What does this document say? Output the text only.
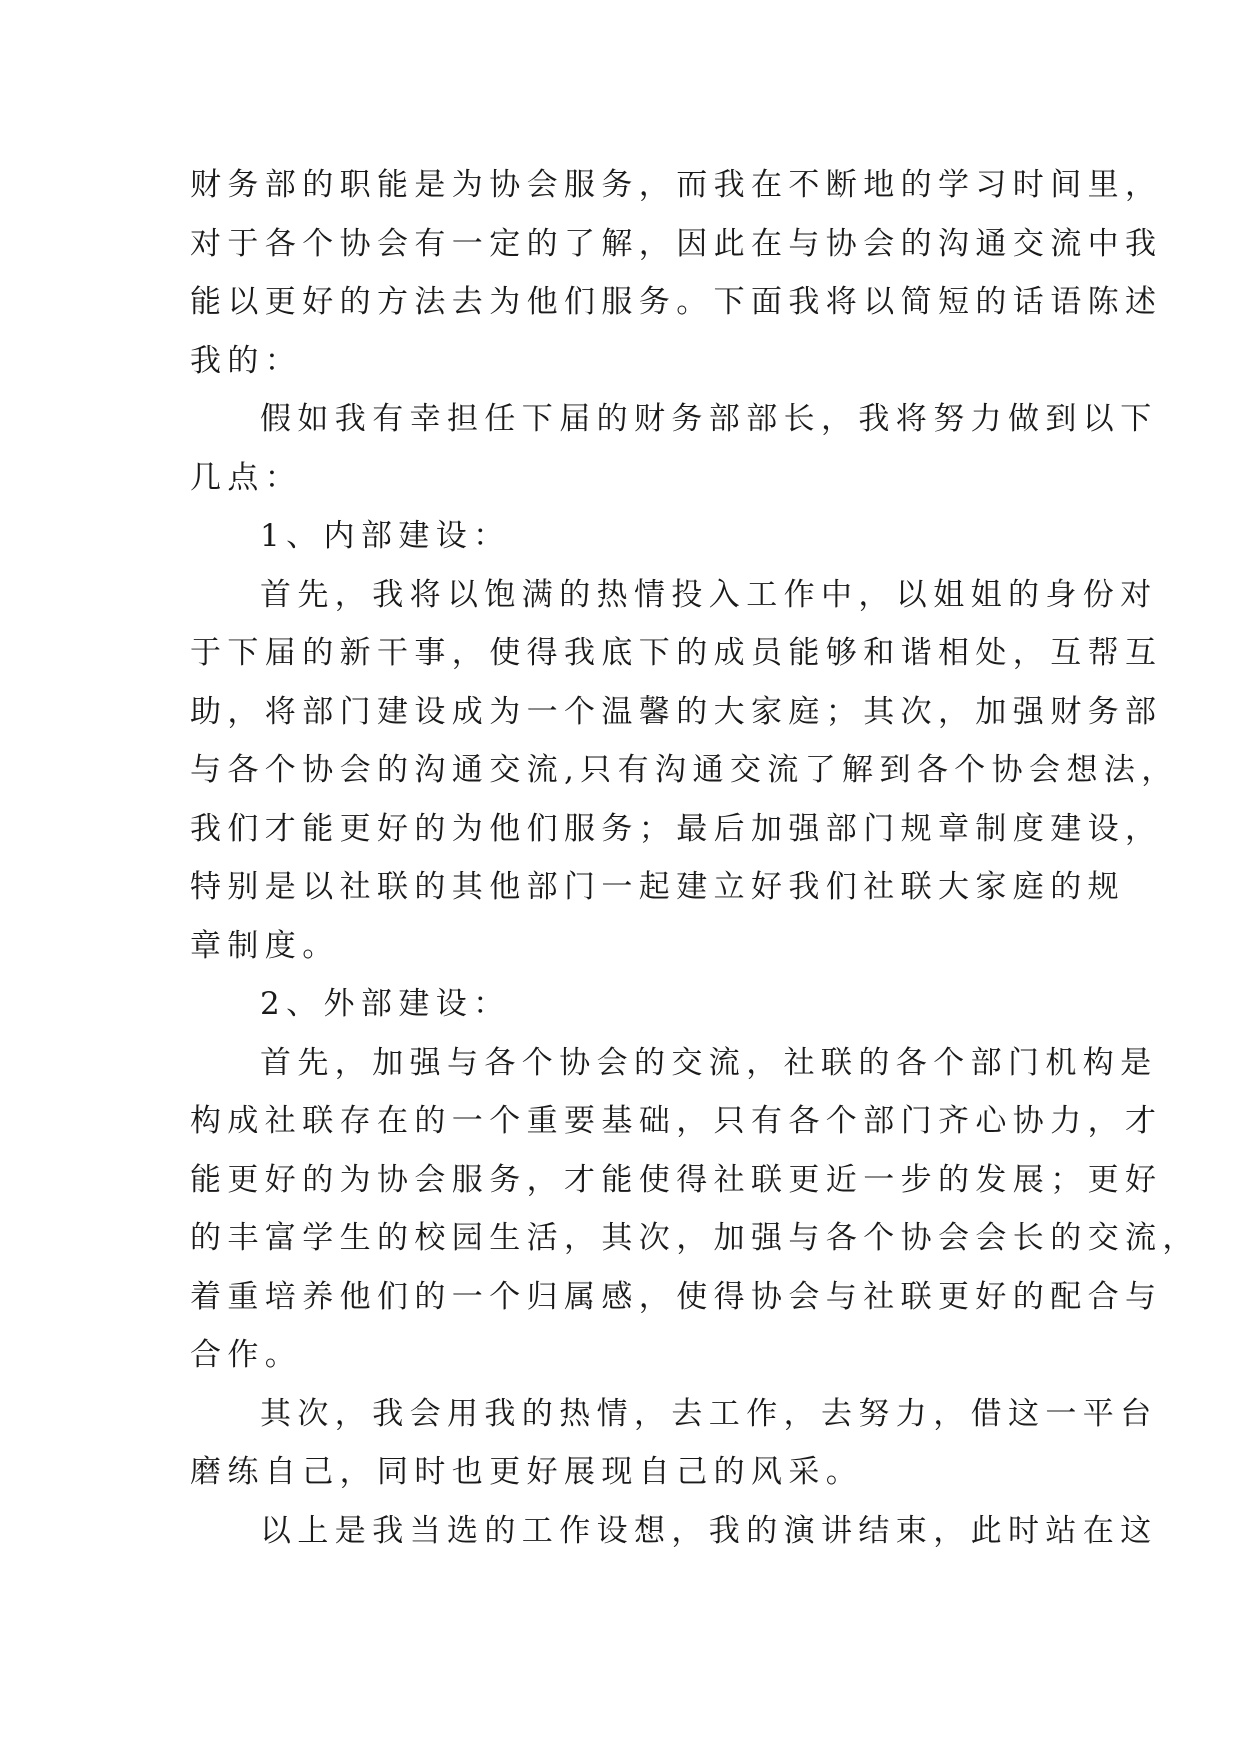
财务部的职能是为协会服务，而我在不断地的学习时间里，
对于各个协会有一定的了解，因此在与协会的沟通交流中我
能以更好的方法去为他们服务。下面我将以简短的话语陈述
我的：

假如我有幸担任下届的财务部部长，我将努力做到以下
几点：

1、内部建设：

首先，我将以饱满的热情投入工作中，以姐姐的身份对
于下届的新干事，使得我底下的成员能够和谐相处，互帮互
助，将部门建设成为一个温馨的大家庭；其次，加强财务部
与各个协会的沟通交流,只有沟通交流了解到各个协会想法，
我们才能更好的为他们服务；最后加强部门规章制度建设，
特别是以社联的其他部门一起建立好我们社联大家庭的规
章制度。

2、外部建设：

首先，加强与各个协会的交流，社联的各个部门机构是
构成社联存在的一个重要基础，只有各个部门齐心协力，才
能更好的为协会服务，才能使得社联更近一步的发展；更好
的丰富学生的校园生活，其次，加强与各个协会会长的交流，
着重培养他们的一个归属感，使得协会与社联更好的配合与
合作。

其次，我会用我的热情，去工作，去努力，借这一平台
磨练自己，同时也更好展现自己的风采。

以上是我当选的工作设想，我的演讲结束，此时站在这
